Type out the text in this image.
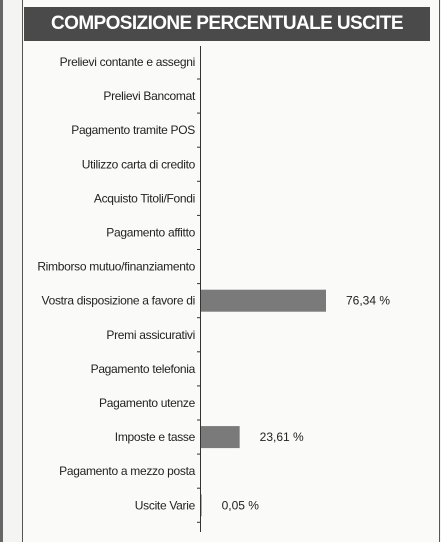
COMPOSIZIONE PERCENTUALE USCITE
Prelievi contante e assegni
Prelievi Bancomat
Pagamento tramite POS
Utilizzo carta di credito
Acquisto Titoli/Fondi
Pagamento affitto
Rimborso mutuo/finanziamento
Vostra disposizione a favore di	76,34 %
Premi assicurativi
Pagamento telefonia
Pagamento utenze
Imposte e tasse	23,61 %
Pagamento a mezzo posta
Uscite Varie 0,05 %
